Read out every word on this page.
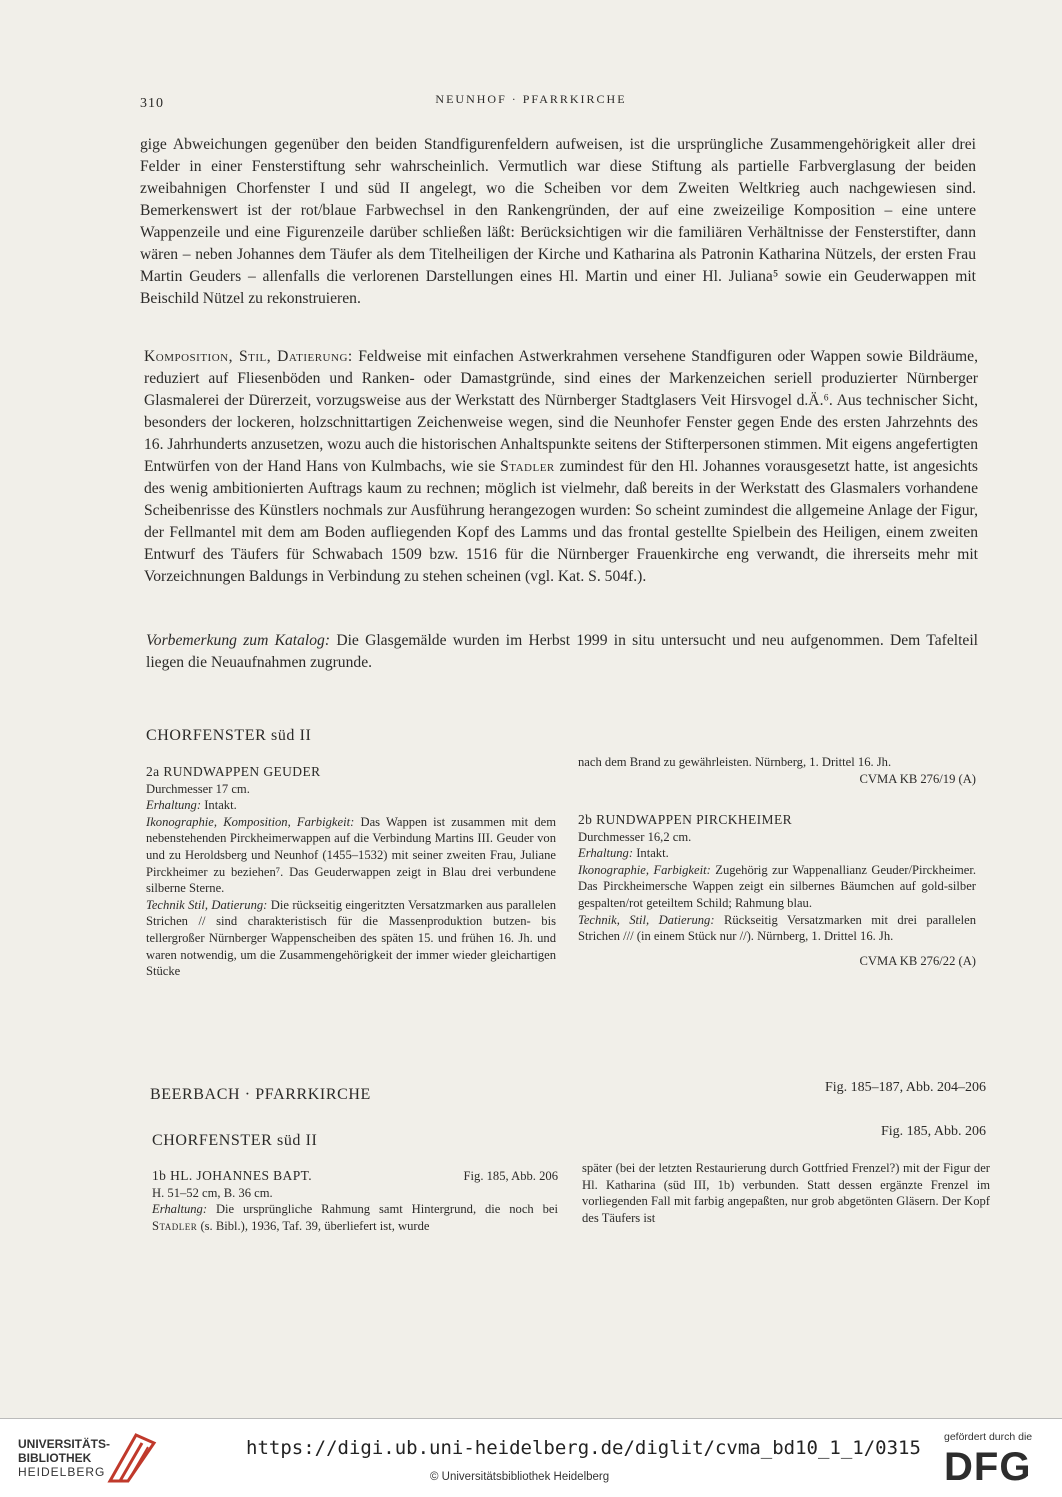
310	NEUNHOF · PFARRKIRCHE
gige Abweichungen gegenüber den beiden Standfigurenfeldern aufweisen, ist die ursprüngliche Zusammengehörigkeit aller drei Felder in einer Fensterstiftung sehr wahrscheinlich. Vermutlich war diese Stiftung als partielle Farbverglasung der beiden zweibahnigen Chorfenster I und süd II angelegt, wo die Scheiben vor dem Zweiten Weltkrieg auch nachgewiesen sind. Bemerkenswert ist der rot/blaue Farbwechsel in den Rankengründen, der auf eine zweizeilige Komposition – eine untere Wappenzeile und eine Figurenzeile darüber schließen läßt: Berücksichtigen wir die familiären Verhältnisse der Fensterstifter, dann wären – neben Johannes dem Täufer als dem Titelheiligen der Kirche und Katharina als Patronin Katharina Nützels, der ersten Frau Martin Geuders – allenfalls die verlorenen Darstellungen eines Hl. Martin und einer Hl. Juliana⁵ sowie ein Geuderwappen mit Beischild Nützel zu rekonstruieren.
Komposition, Stil, Datierung: Feldweise mit einfachen Astwerkrahmen versehene Standfiguren oder Wappen sowie Bildräume, reduziert auf Fliesenböden und Ranken- oder Damastgründe, sind eines der Markenzeichen seriell produzierter Nürnberger Glasmalerei der Dürerzeit, vorzugsweise aus der Werkstatt des Nürnberger Stadtglasers Veit Hirsvogel d.Ä.⁶. Aus technischer Sicht, besonders der lockeren, holzschnittartigen Zeichenweise wegen, sind die Neunhofer Fenster gegen Ende des ersten Jahrzehnts des 16. Jahrhunderts anzusetzen, wozu auch die historischen Anhaltspunkte seitens der Stifterpersonen stimmen. Mit eigens angefertigten Entwürfen von der Hand Hans von Kulmbachs, wie sie Stadler zumindest für den Hl. Johannes vorausgesetzt hatte, ist angesichts des wenig ambitionierten Auftrags kaum zu rechnen; möglich ist vielmehr, daß bereits in der Werkstatt des Glasmalers vorhandene Scheibenrisse des Künstlers nochmals zur Ausführung herangezogen wurden: So scheint zumindest die allgemeine Anlage der Figur, der Fellmantel mit dem am Boden aufliegenden Kopf des Lamms und das frontal gestellte Spielbein des Heiligen, einem zweiten Entwurf des Täufers für Schwabach 1509 bzw. 1516 für die Nürnberger Frauenkirche eng verwandt, die ihrerseits mehr mit Vorzeichnungen Baldungs in Verbindung zu stehen scheinen (vgl. Kat. S. 504f.).
Vorbemerkung zum Katalog: Die Glasgemälde wurden im Herbst 1999 in situ untersucht und neu aufgenommen. Dem Tafelteil liegen die Neuaufnahmen zugrunde.
CHORFENSTER süd II
2a RUNDWAPPEN GEUDER
Durchmesser 17 cm.
Erhaltung: Intakt.
Ikonographie, Komposition, Farbigkeit: Das Wappen ist zusammen mit dem nebenstehenden Pirckheimerwappen auf die Verbindung Martins III. Geuder von und zu Heroldsberg und Neunhof (1455–1532) mit seiner zweiten Frau, Juliane Pirckheimer zu beziehen⁷. Das Geuderwappen zeigt in Blau drei verbundene silberne Sterne.
Technik Stil, Datierung: Die rückseitig eingeritzten Versatzmarken aus parallelen Strichen // sind charakteristisch für die Massenproduktion butzen- bis tellergroßer Nürnberger Wappenscheiben des späten 15. und frühen 16. Jh. und waren notwendig, um die Zusammengehörigkeit der immer wieder gleichartigen Stücke
nach dem Brand zu gewährleisten. Nürnberg, 1. Drittel 16. Jh.
CVMA KB 276/19 (A)
2b RUNDWAPPEN PIRCKHEIMER
Durchmesser 16,2 cm.
Erhaltung: Intakt.
Ikonographie, Farbigkeit: Zugehörig zur Wappenallianz Geuder/Pirckheimer. Das Pirckheimersche Wappen zeigt ein silbernes Bäumchen auf gold-silber gespalten/rot geteiltem Schild; Rahmung blau.
Technik, Stil, Datierung: Rückseitig Versatzmarken mit drei parallelen Strichen /// (in einem Stück nur //). Nürnberg, 1. Drittel 16. Jh.
CVMA KB 276/22 (A)
BEERBACH · PFARRKIRCHE	Fig. 185–187, Abb. 204–206
CHORFENSTER süd II
Fig. 185, Abb. 206
1b HL. JOHANNES BAPT.	Fig. 185, Abb. 206
H. 51–52 cm, B. 36 cm.
Erhaltung: Die ursprüngliche Rahmung samt Hintergrund, die noch bei Stadler (s. Bibl.), 1936, Taf. 39, überliefert ist, wurde
später (bei der letzten Restaurierung durch Gottfried Frenzel?) mit der Figur der Hl. Katharina (süd III, 1b) verbunden. Statt dessen ergänzte Frenzel im vorliegenden Fall mit farbig angepaßten, nur grob abgetönten Gläsern. Der Kopf des Täufers ist
UNIVERSITÄTS-
BIBLIOTHEK
HEIDELBERG
https://digi.ub.uni-heidelberg.de/diglit/cvma_bd10_1_1/0315
© Universitätsbibliothek Heidelberg
gefördert durch die
DFG
